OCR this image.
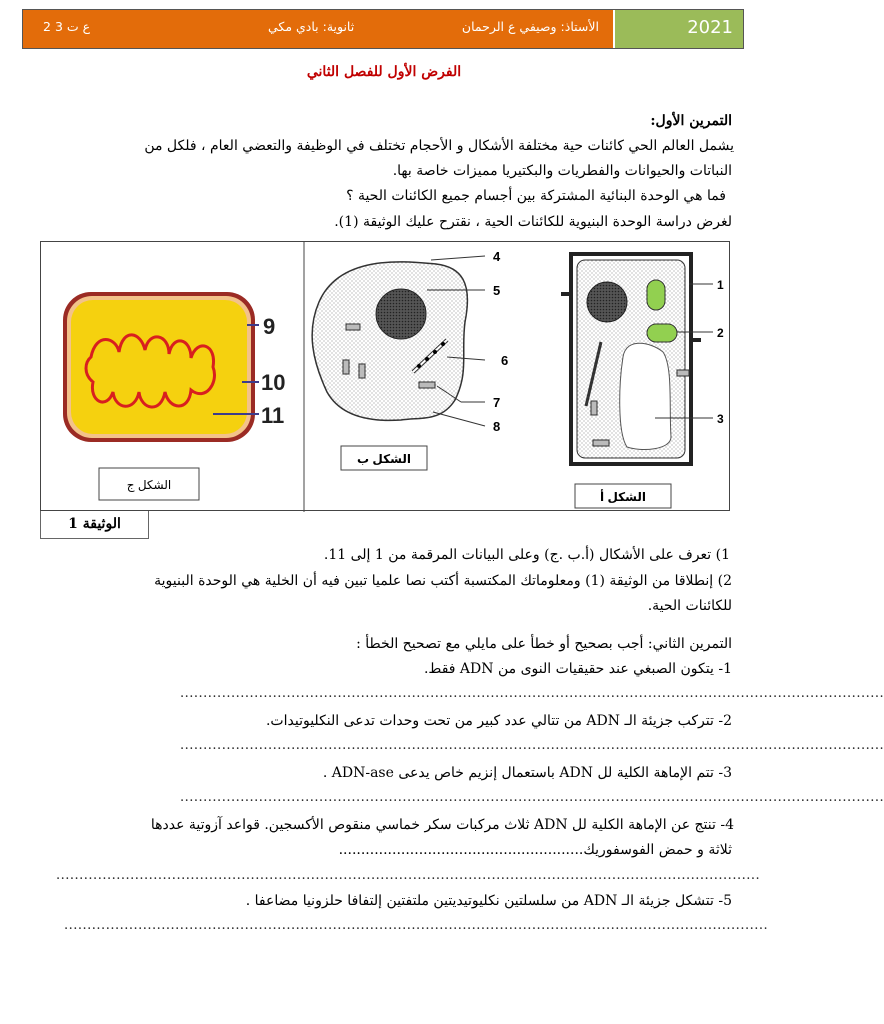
2 ع ت 3	ثانوية: بادي مكي	الأستاذ: وصيفي ع الرحمان	2021
الفرض الأول للفصل الثاني
التمرين الأول:
يشمل العالم الحي كائنات حية مختلفة الأشكال و الأحجام تختلف في الوظيفة والتعضي العام ، فلكل من
النباتات والحيوانات والفطريات والبكتيريا مميزات خاصة بها.
فما هي الوحدة البنائية المشتركة بين أجسام جميع الكائنات الحية ؟
لغرض دراسة الوحدة البنيوية للكائنات الحية ، نقترح عليك الوثيقة (1).
9
10
11
الشكل ج
4
5
6
7
8
الشكل ب
1
2
3
الشكل أ
الوثيقة 1
1) تعرف على الأشكال (أ.ب .ج) وعلى البيانات المرقمة من 1 إلى 11.
2) إنطلاقا من الوثيقة (1) ومعلوماتك المكتسبة أكتب نصا علميا تبين فيه أن الخلية هي الوحدة البنيوية
للكائنات الحية.
التمرين الثاني: أجب بصحيح أو خطأ على مايلي مع تصحيح الخطأ :
1- يتكون الصبغي عند حقيقيات النوى من ADN فقط.
........................................................................................................................................................
2- تتركب جزيئة الـ ADN من تتالي عدد كبير من تحت وحدات تدعى النكليوتيدات.
........................................................................................................................................................
3- تتم الإماهة الكلية لل ADN باستعمال إنزيم خاص يدعى ADN-ase .
........................................................................................................................................................
4- تنتج عن الإماهة الكلية لل ADN ثلاث مركبات سكر خماسي منقوص الأكسجين. قواعد آزوتية عددها
ثلاثة و حمض الفوسفوريك.......................................................
........................................................................................................................................................
5- تتشكل جزيئة الـ ADN من سلسلتين نكليوتيديتين ملتفتين إلتفافا حلزونيا مضاعفا .
........................................................................................................................................................
